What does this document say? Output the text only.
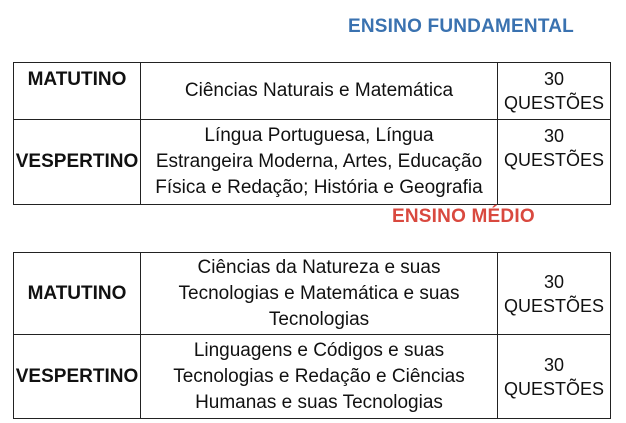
ENSINO FUNDAMENTAL
MATUTINO	Ciências Naturais e Matemática	30
QUESTÕES

VESPERTINO	Língua Portuguesa, Língua
Estrangeira Moderna, Artes, Educação
Física e Redação; História e Geografia	30
QUESTÕES
ENSINO MÉDIO
MATUTINO	Ciências da Natureza e suas
Tecnologias e Matemática e suas
Tecnologias	30
QUESTÕES

VESPERTINO	Linguagens e Códigos e suas
Tecnologias e Redação e Ciências
Humanas e suas Tecnologias	30
QUESTÕES
